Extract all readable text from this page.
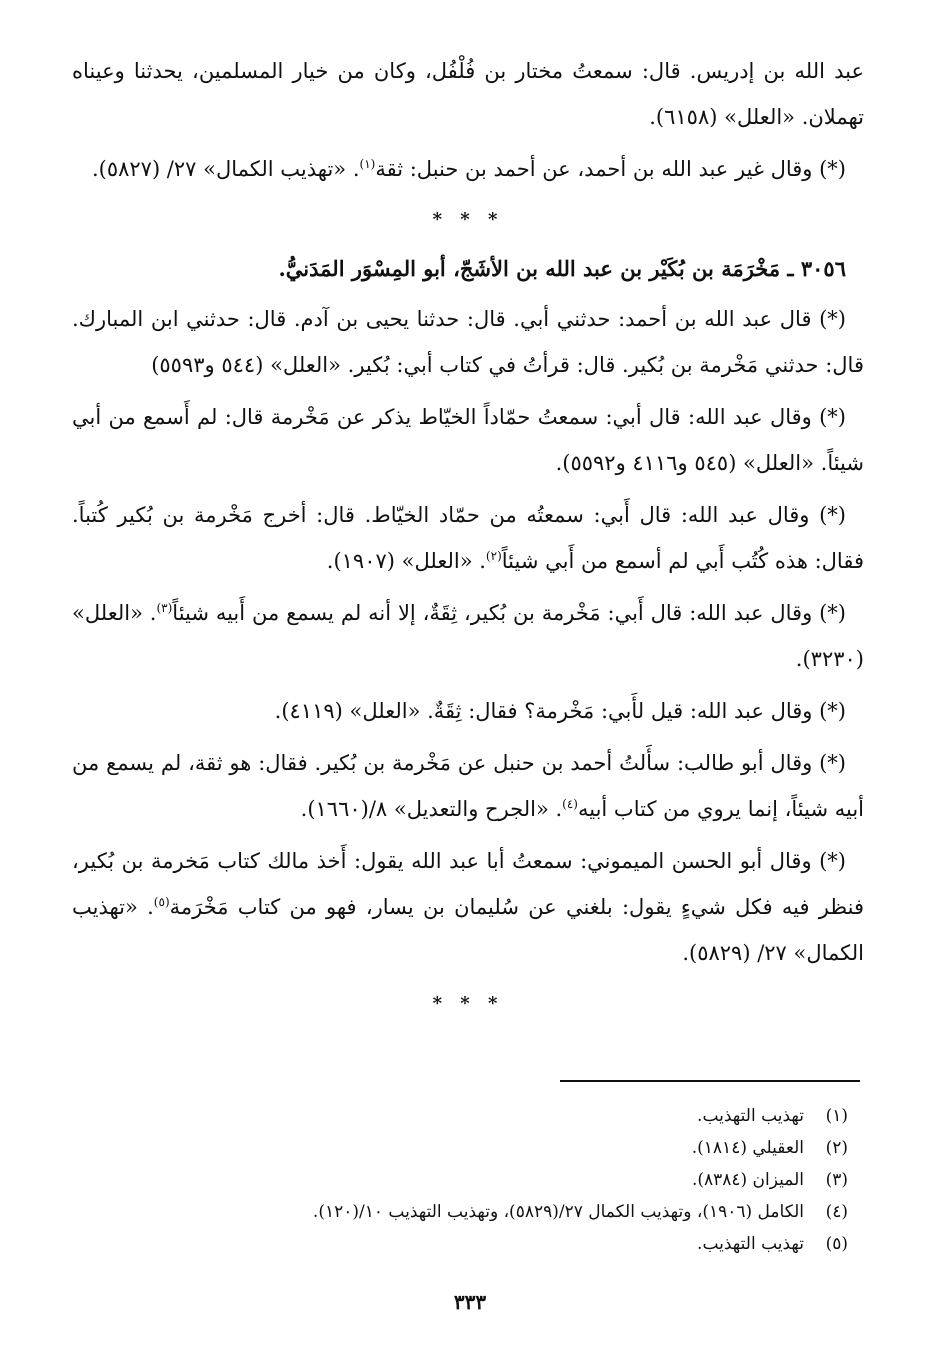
عبد الله بن إدريس. قال: سمعتُ مختار بن فُلْفُل، وكان من خيار المسلمين، يحدثنا وعيناه تهملان. «العلل» (٦١٥٨).

(*) وقال غير عبد الله بن أحمد، عن أحمد بن حنبل: ثقة$^{(١)}$. «تهذيب الكمال» ٢٧/ (٥٨٢٧).

* * *

٣٠٥٦ ـ مَخْرَمَة بن بُكَيْر بن عبد الله بن الأشَجّ، أبو المِسْوَر المَدَنيُّ.

(*) قال عبد الله بن أحمد: حدثني أبي. قال: حدثنا يحيى بن آدم. قال: حدثني ابن المبارك. قال: حدثني مَخْرمة بن بُكير. قال: قرأتُ في كتاب أبي: بُكير. «العلل» (٥٤٤ و٥٥٩٣)

(*) وقال عبد الله: قال أبي: سمعتُ حمّاداً الخيّاط يذكر عن مَخْرمة قال: لم أَسمع من أبي شيئاً. «العلل» (٥٤٥ و٤١١٦ و٥٥٩٢).

(*) وقال عبد الله: قال أَبي: سمعتُه من حمّاد الخيّاط. قال: أخرج مَخْرمة بن بُكير كُتباً. فقال: هذه كُتُب أَبي لم أسمع من أَبي شيئاً$^{(٢)}$. «العلل» (١٩٠٧).

(*) وقال عبد الله: قال أَبي: مَخْرمة بن بُكير، ثِقَةٌ، إلا أنه لم يسمع من أَبيه شيئاً$^{(٣)}$. «العلل» (٣٢٣٠).

(*) وقال عبد الله: قيل لأَبي: مَخْرمة؟ فقال: ثِقَةٌ. «العلل» (٤١١٩).

(*) وقال أبو طالب: سأَلتُ أحمد بن حنبل عن مَخْرمة بن بُكير. فقال: هو ثقة، لم يسمع من أبيه شيئاً، إنما يروي من كتاب أبيه$^{(٤)}$. «الجرح والتعديل» ٨/(١٦٦٠).

(*) وقال أبو الحسن الميموني: سمعتُ أبا عبد الله يقول: أَخذ مالك كتاب مَخرمة بن بُكير، فنظر فيه فكل شيءٍ يقول: بلغني عن سُليمان بن يسار، فهو من كتاب مَخْرَمة$^{(٥)}$. «تهذيب الكمال» ٢٧/ (٥٨٢٩).

* * *
(١)
تهذيب التهذيب.
(٢)
العقيلي (١٨١٤).
(٣)
الميزان (٨٣٨٤).
(٤)
الكامل (١٩٠٦)، وتهذيب الكمال ٢٧/(٥٨٢٩)، وتهذيب التهذيب ١٠/(١٢٠).
(٥)
تهذيب التهذيب.
٣٣٣
